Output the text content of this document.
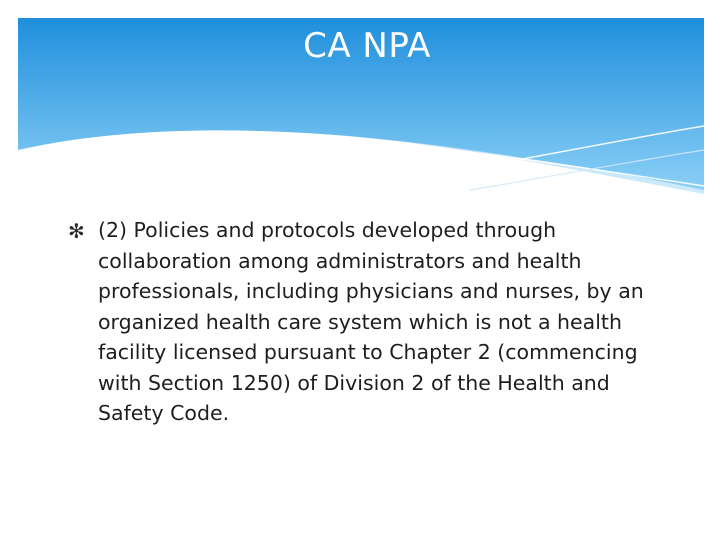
CA NPA
✻ (2) Policies and protocols developed through collaboration among administrators and health professionals, including physicians and nurses, by an organized health care system which is not a health facility licensed pursuant to Chapter 2 (commencing with Section 1250) of Division 2 of the Health and Safety Code.
